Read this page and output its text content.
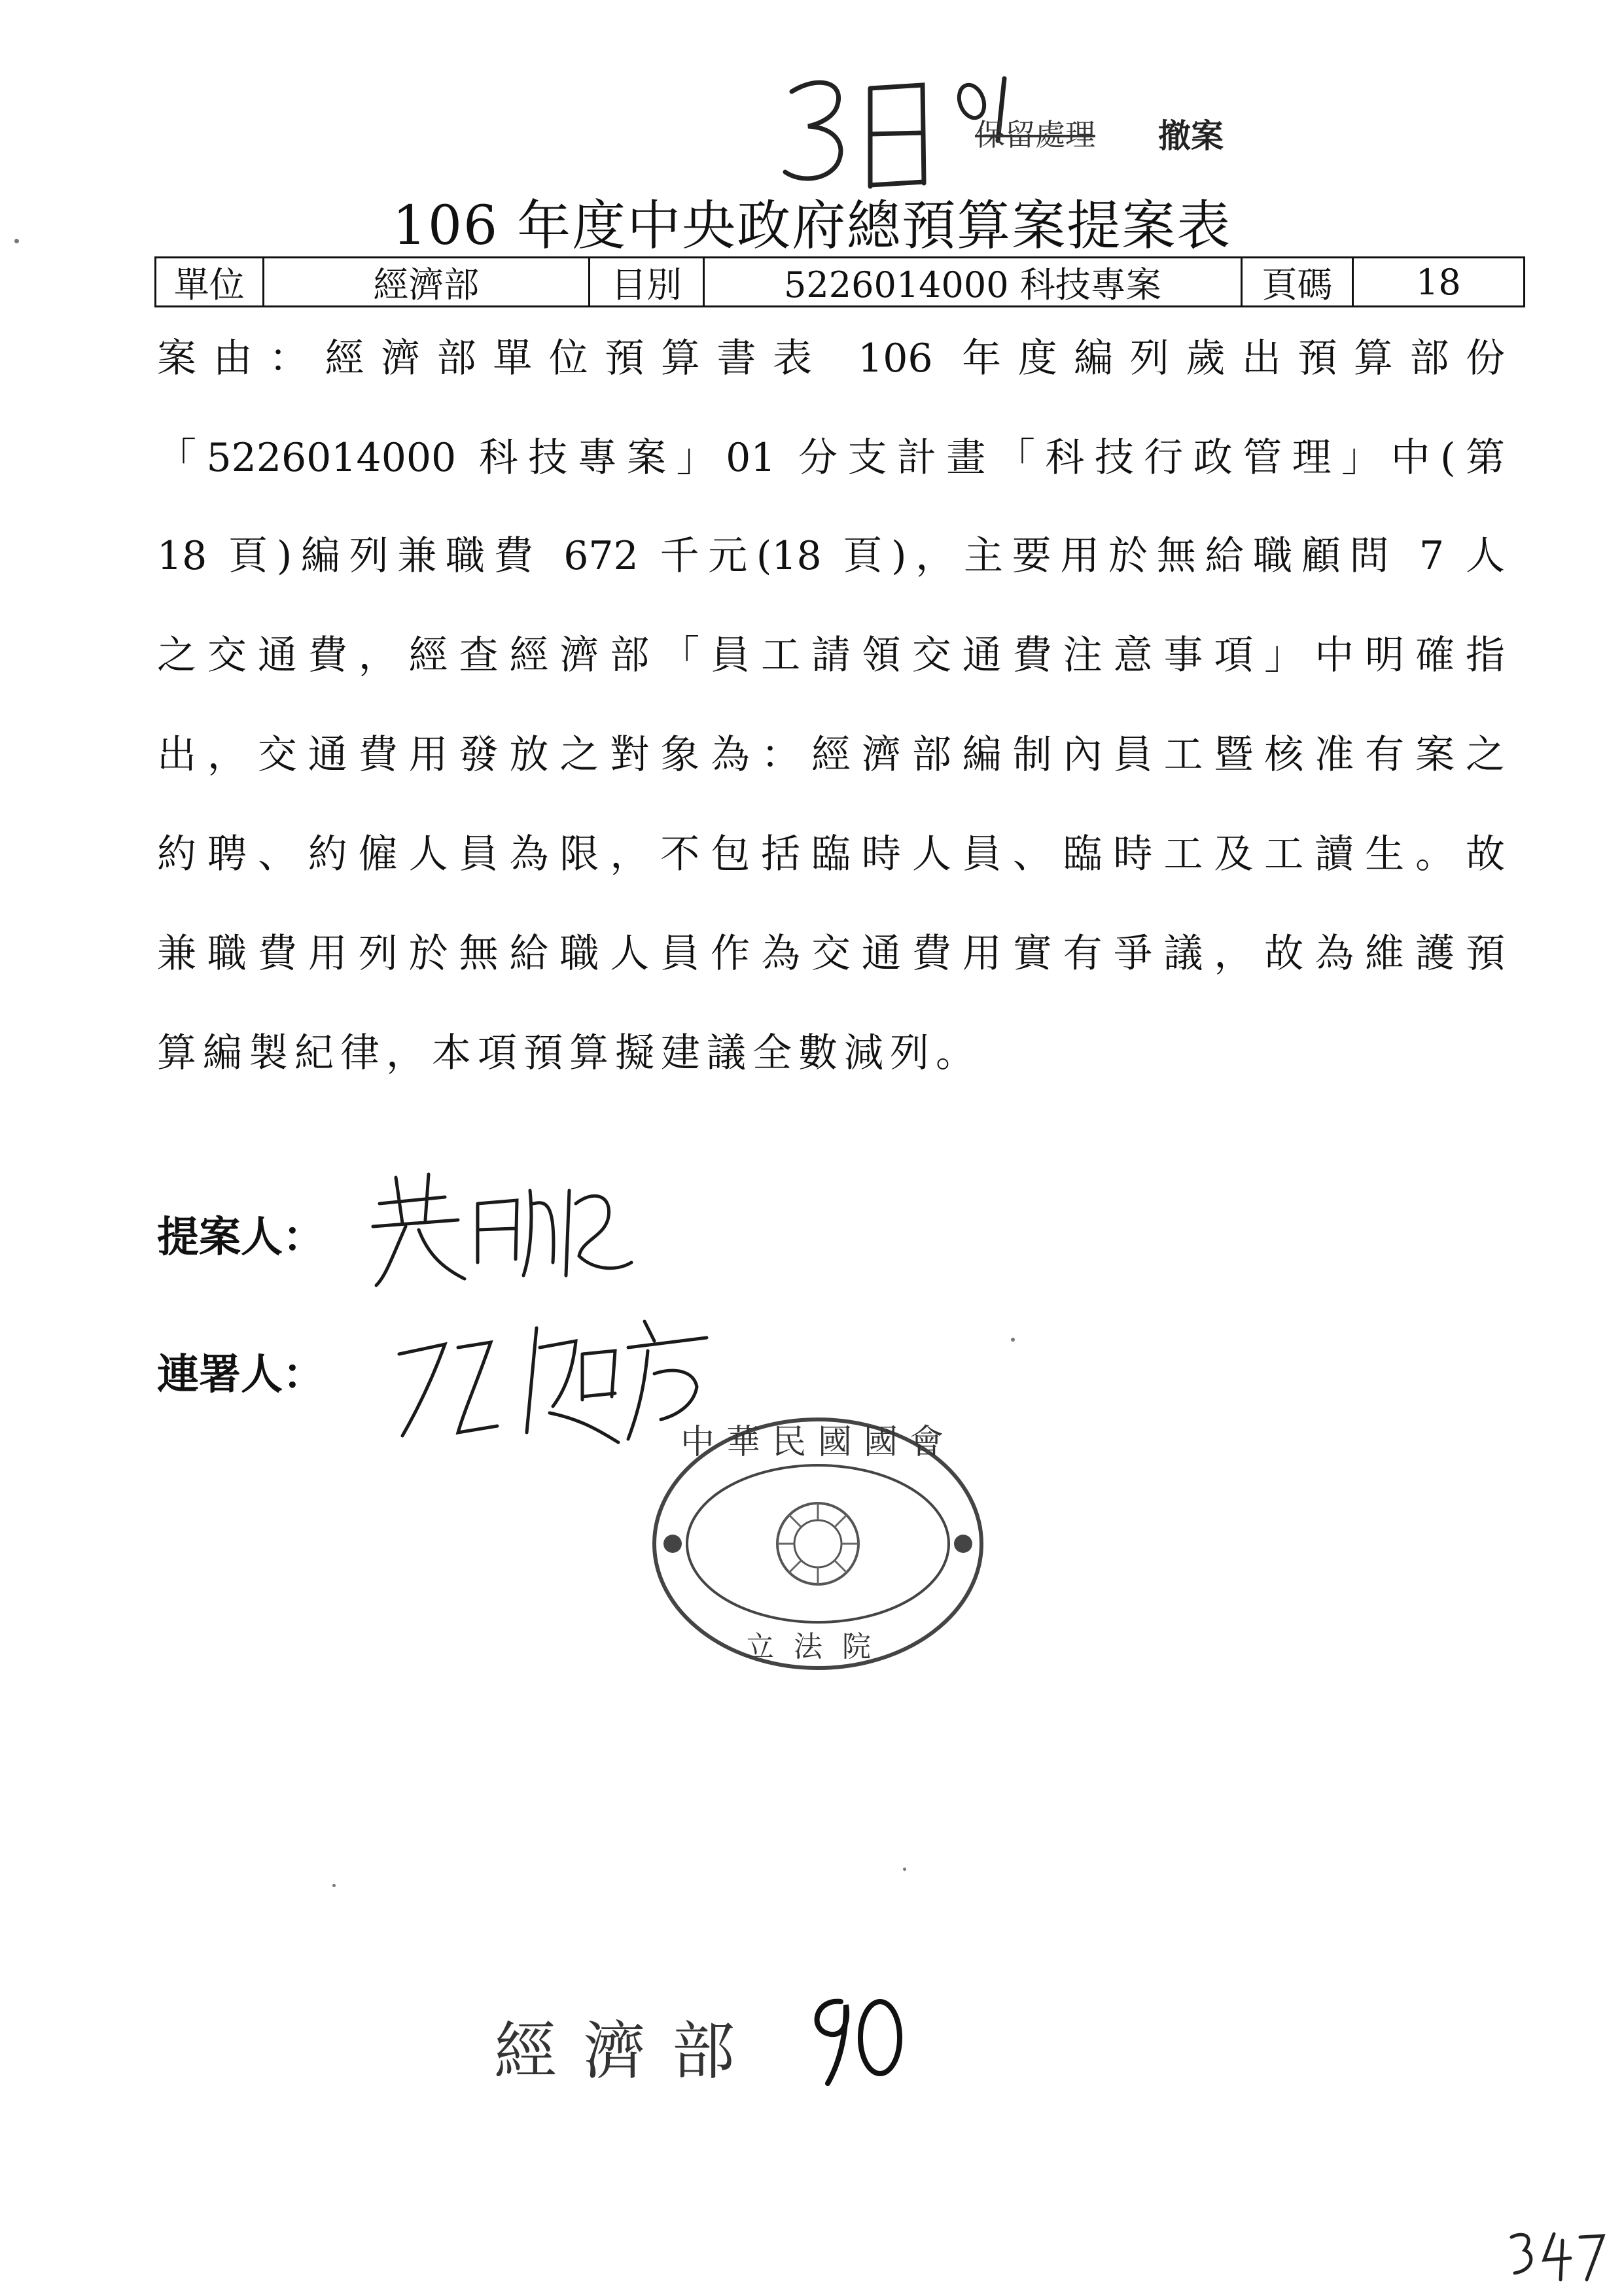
保留處理 撤案
106 年度中央政府總預算案提案表
單位	經濟部	目別	5226014000 科技專案	頁碼	18
案由：經濟部單位預算書表 106 年度編列歲出預算部份
「5226014000 科技專案」01 分支計畫「科技行政管理」中(第
18 頁)編列兼職費 672 千元(18 頁)，主要用於無給職顧問 7 人
之交通費，經查經濟部「員工請領交通費注意事項」中明確指
出，交通費用發放之對象為：經濟部編制內員工暨核准有案之
約聘、約僱人員為限，不包括臨時人員、臨時工及工讀生。故
兼職費用列於無給職人員作為交通費用實有爭議，故為維護預
算編製紀律，本項預算擬建議全數減列。
提案人：
連署人：
中華民國國會
立法院
經濟部
